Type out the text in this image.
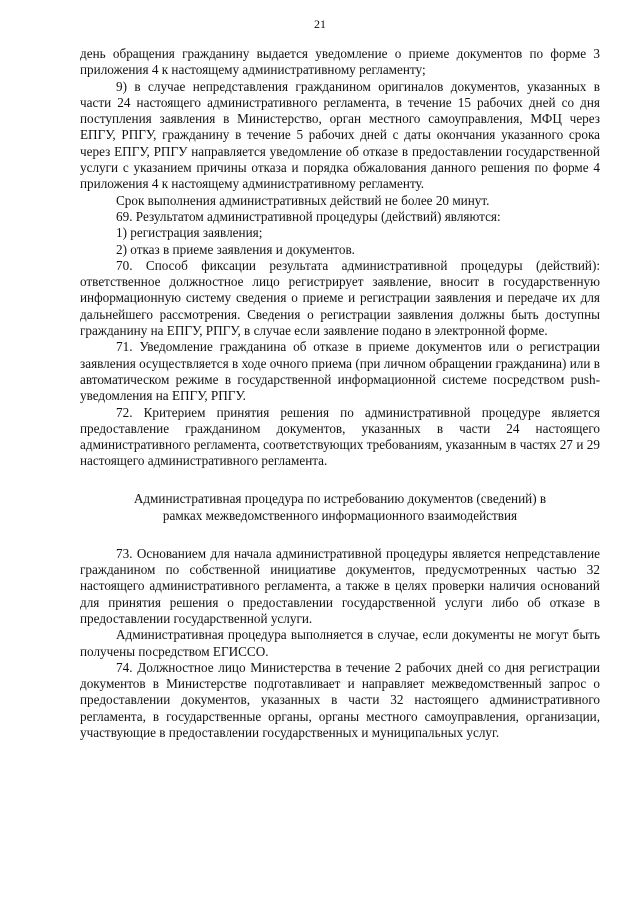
21

день обращения гражданину выдается уведомление о приеме документов по форме 3 приложения 4 к настоящему административному регламенту;

9) в случае непредставления гражданином оригиналов документов, указанных в части 24 настоящего административного регламента, в течение 15 рабочих дней со дня поступления заявления в Министерство, орган местного самоуправления, МФЦ через ЕПГУ, РПГУ, гражданину в течение 5 рабочих дней с даты окончания указанного срока через ЕПГУ, РПГУ направляется уведомление об отказе в предоставлении государственной услуги с указанием причины отказа и порядка обжалования данного решения по форме 4 приложения 4 к настоящему административному регламенту.

Срок выполнения административных действий не более 20 минут.

69. Результатом административной процедуры (действий) являются:

1) регистрация заявления;

2) отказ в приеме заявления и документов.

70. Способ фиксации результата административной процедуры (действий): ответственное должностное лицо регистрирует заявление, вносит в государственную информационную систему сведения о приеме и регистрации заявления и передаче их для дальнейшего рассмотрения. Сведения о регистрации заявления должны быть доступны гражданину на ЕПГУ, РПГУ, в случае если заявление подано в электронной форме.

71. Уведомление гражданина об отказе в приеме документов или о регистрации заявления осуществляется в ходе очного приема (при личном обращении гражданина) или в автоматическом режиме в государственной информационной системе посредством push-уведомления на ЕПГУ, РПГУ.

72. Критерием принятия решения по административной процедуре является предоставление гражданином документов, указанных в части 24 настоящего административного регламента, соответствующих требованиям, указанным в частях 27 и 29 настоящего административного регламента.

Административная процедура по истребованию документов (сведений) в
рамках межведомственного информационного взаимодействия

73. Основанием для начала административной процедуры является непредставление гражданином по собственной инициативе документов, предусмотренных частью 32 настоящего административного регламента, а также в целях проверки наличия оснований для принятия решения о предоставлении государственной услуги либо об отказе в предоставлении государственной услуги.

Административная процедура выполняется в случае, если документы не могут быть получены посредством ЕГИССО.

74. Должностное лицо Министерства в течение 2 рабочих дней со дня регистрации документов в Министерстве подготавливает и направляет межведомственный запрос о предоставлении документов, указанных в части 32 настоящего административного регламента, в государственные органы, органы местного самоуправления, организации, участвующие в предоставлении государственных и муниципальных услуг.
